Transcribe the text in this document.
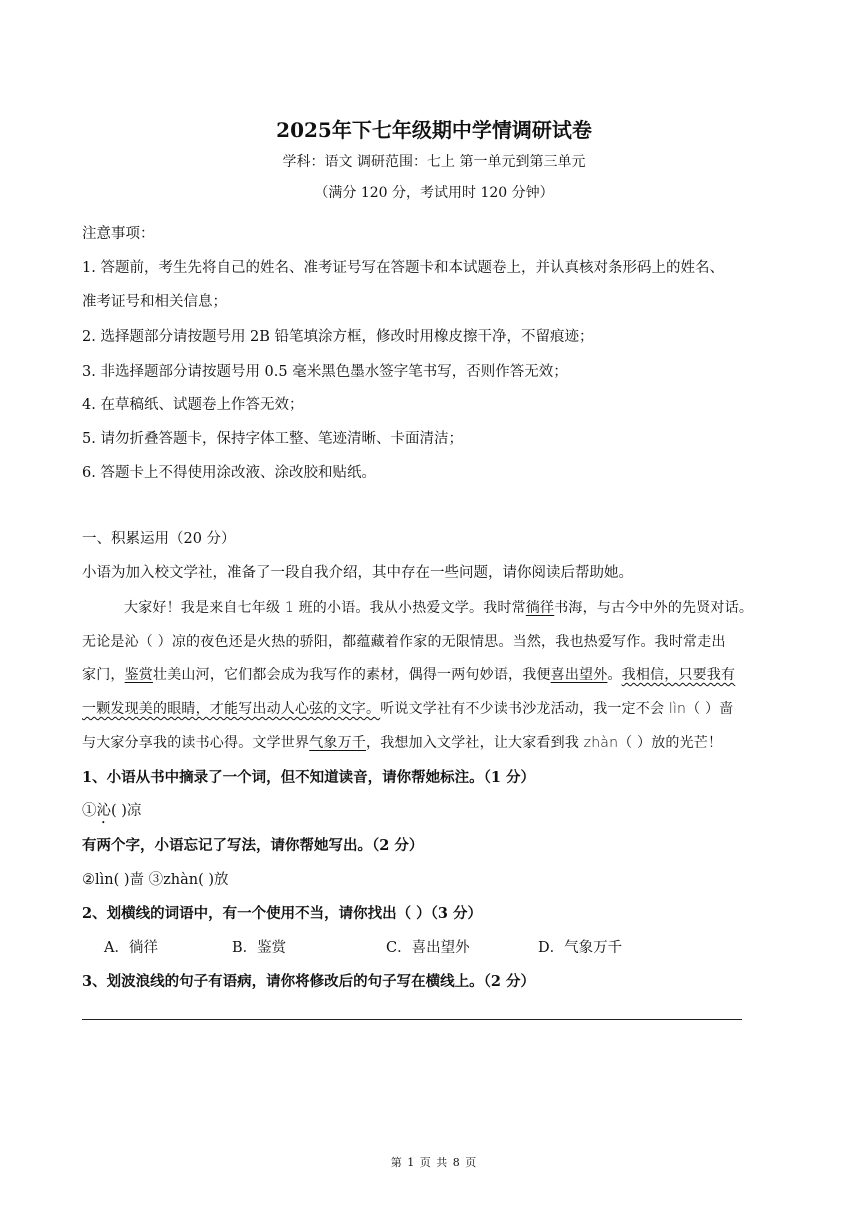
2025年下七年级期中学情调研试卷
学科：语文 调研范围：七上 第一单元到第三单元
（满分 120 分，考试用时 120 分钟）
注意事项：
1. 答题前，考生先将自己的姓名、准考证号写在答题卡和本试题卷上，并认真核对条形码上的姓名、
准考证号和相关信息；
2. 选择题部分请按题号用 2B 铅笔填涂方框，修改时用橡皮擦干净，不留痕迹；
3. 非选择题部分请按题号用 0.5 毫米黑色墨水签字笔书写，否则作答无效；
4. 在草稿纸、试题卷上作答无效；
5. 请勿折叠答题卡，保持字体工整、笔迹清晰、卡面清洁；
6. 答题卡上不得使用涂改液、涂改胶和贴纸。
一、积累运用（20 分）
小语为加入校文学社，准备了一段自我介绍，其中存在一些问题，请你阅读后帮助她。
大家好！我是来自七年级 1 班的小语。我从小热爱文学。我时常徜徉书海，与古今中外的先贤对话。
无论是沁（ ）凉的夜色还是火热的骄阳，都蕴藏着作家的无限情思。当然，我也热爱写作。我时常走出
家门，鉴赏壮美山河，它们都会成为我写作的素材，偶得一两句妙语，我便喜出望外。我相信，只要我有
一颗发现美的眼睛，才能写出动人心弦的文字。听说文学社有不少读书沙龙活动，我一定不会 lìn（ ）啬
与大家分享我的读书心得。文学世界气象万千，我想加入文学社，让大家看到我 zhàn（ ）放的光芒！
1、小语从书中摘录了一个词，但不知道读音，请你帮她标注。（1 分）
①沁( )凉
有两个字，小语忘记了写法，请你帮她写出。（2 分）
②lìn( )啬 ③zhàn( )放
2、划横线的词语中，有一个使用不当，请你找出（ ）（3 分）
A．徜徉	B．鉴赏	C．喜出望外	D．气象万千
3、划波浪线的句子有语病，请你将修改后的句子写在横线上。（2 分）
第 1 页 共 8 页
